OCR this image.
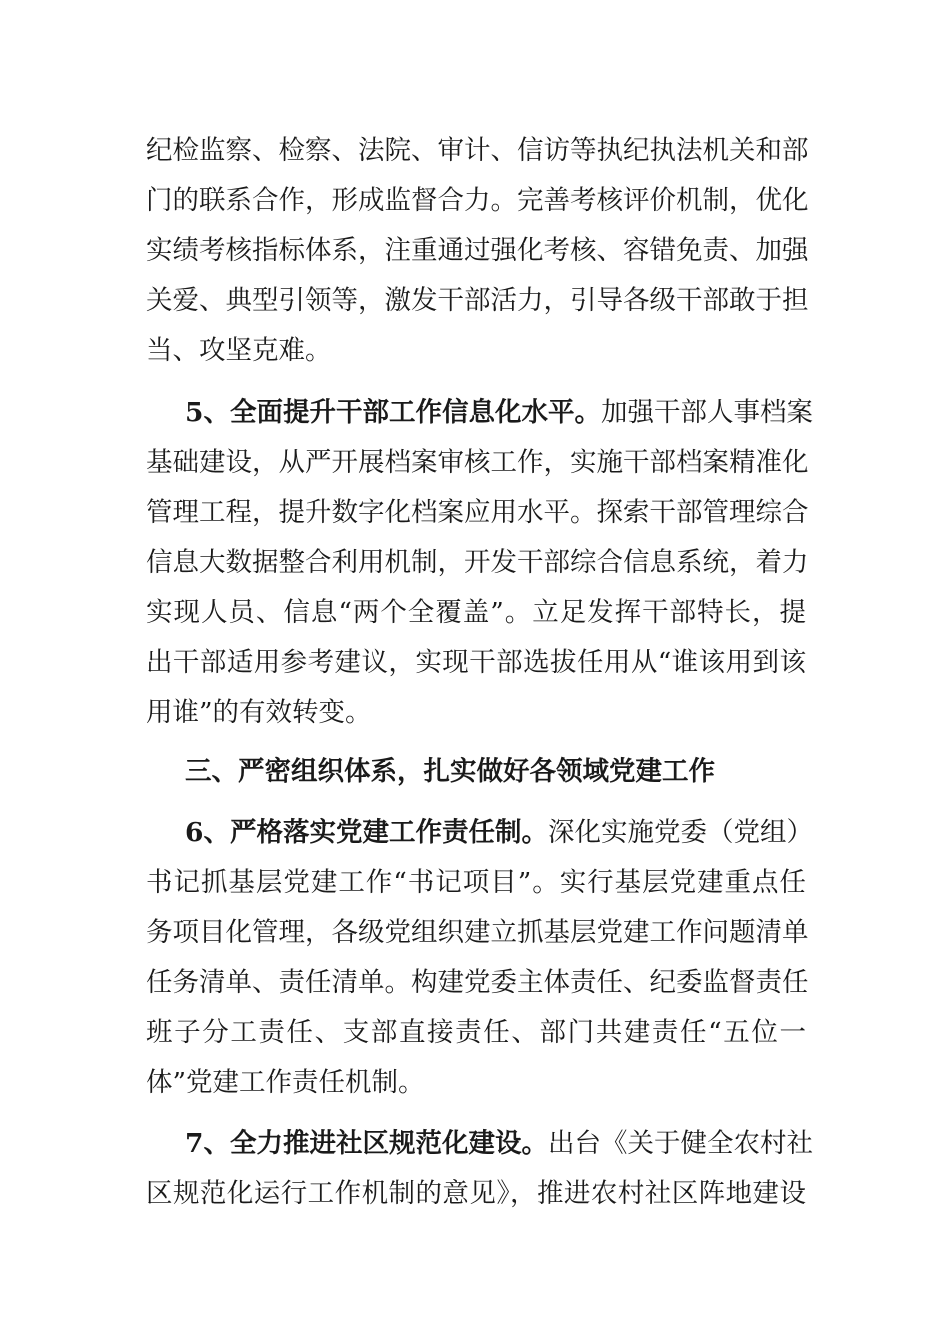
纪检监察、检察、法院、审计、信访等执纪执法机关和部
门的联系合作，形成监督合力。完善考核评价机制，优化
实绩考核指标体系，注重通过强化考核、容错免责、加强
关爱、典型引领等，激发干部活力，引导各级干部敢于担
当、攻坚克难。
5、全面提升干部工作信息化水平。加强干部人事档案
基础建设，从严开展档案审核工作，实施干部档案精准化
管理工程，提升数字化档案应用水平。探索干部管理综合
信息大数据整合利用机制，开发干部综合信息系统，着力
实现人员、信息“两个全覆盖”。立足发挥干部特长，提
出干部适用参考建议，实现干部选拔任用从“谁该用到该
用谁”的有效转变。
三、严密组织体系，扎实做好各领域党建工作
6、严格落实党建工作责任制。深化实施党委（党组）
书记抓基层党建工作“书记项目”。实行基层党建重点任
务项目化管理，各级党组织建立抓基层党建工作问题清单
任务清单、责任清单。构建党委主体责任、纪委监督责任
班子分工责任、支部直接责任、部门共建责任“五位一
体”党建工作责任机制。
7、全力推进社区规范化建设。出台《关于健全农村社
区规范化运行工作机制的意见》，推进农村社区阵地建设
